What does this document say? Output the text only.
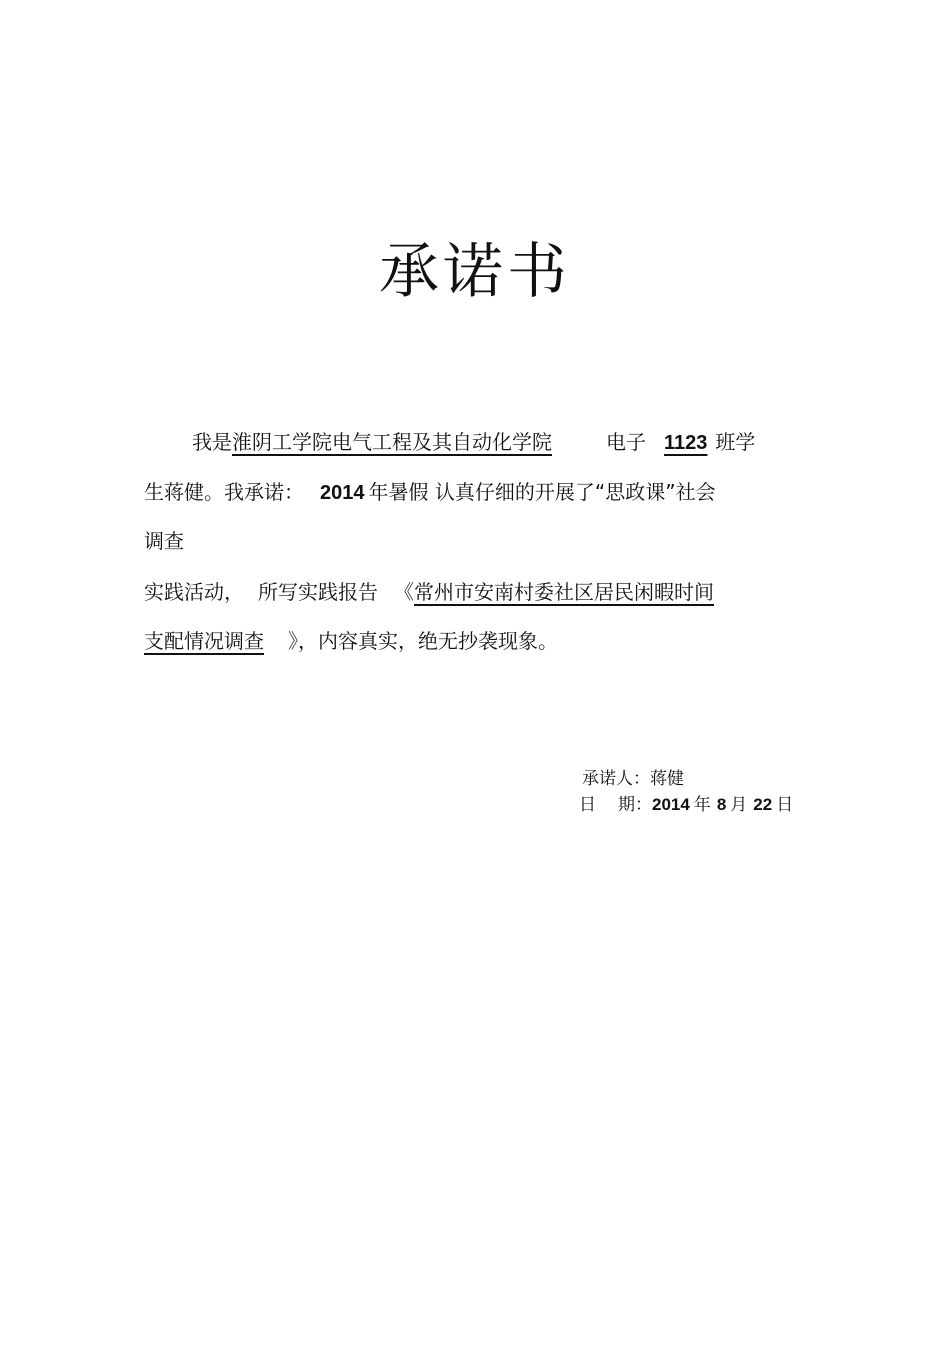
承诺书
我是淮阴工学院电气工程及其自动化学院	电子 1123 班学
生蒋健。我承诺： 2014 年暑假 认真仔细的开展了“思政课”社会
调查
实践活动， 所写实践报告 《常州市安南村委社区居民闲暇时间
支配情况调查 》，内容真实，绝无抄袭现象。
承诺人：蒋健
日 期：2014 年 8 月 22 日
